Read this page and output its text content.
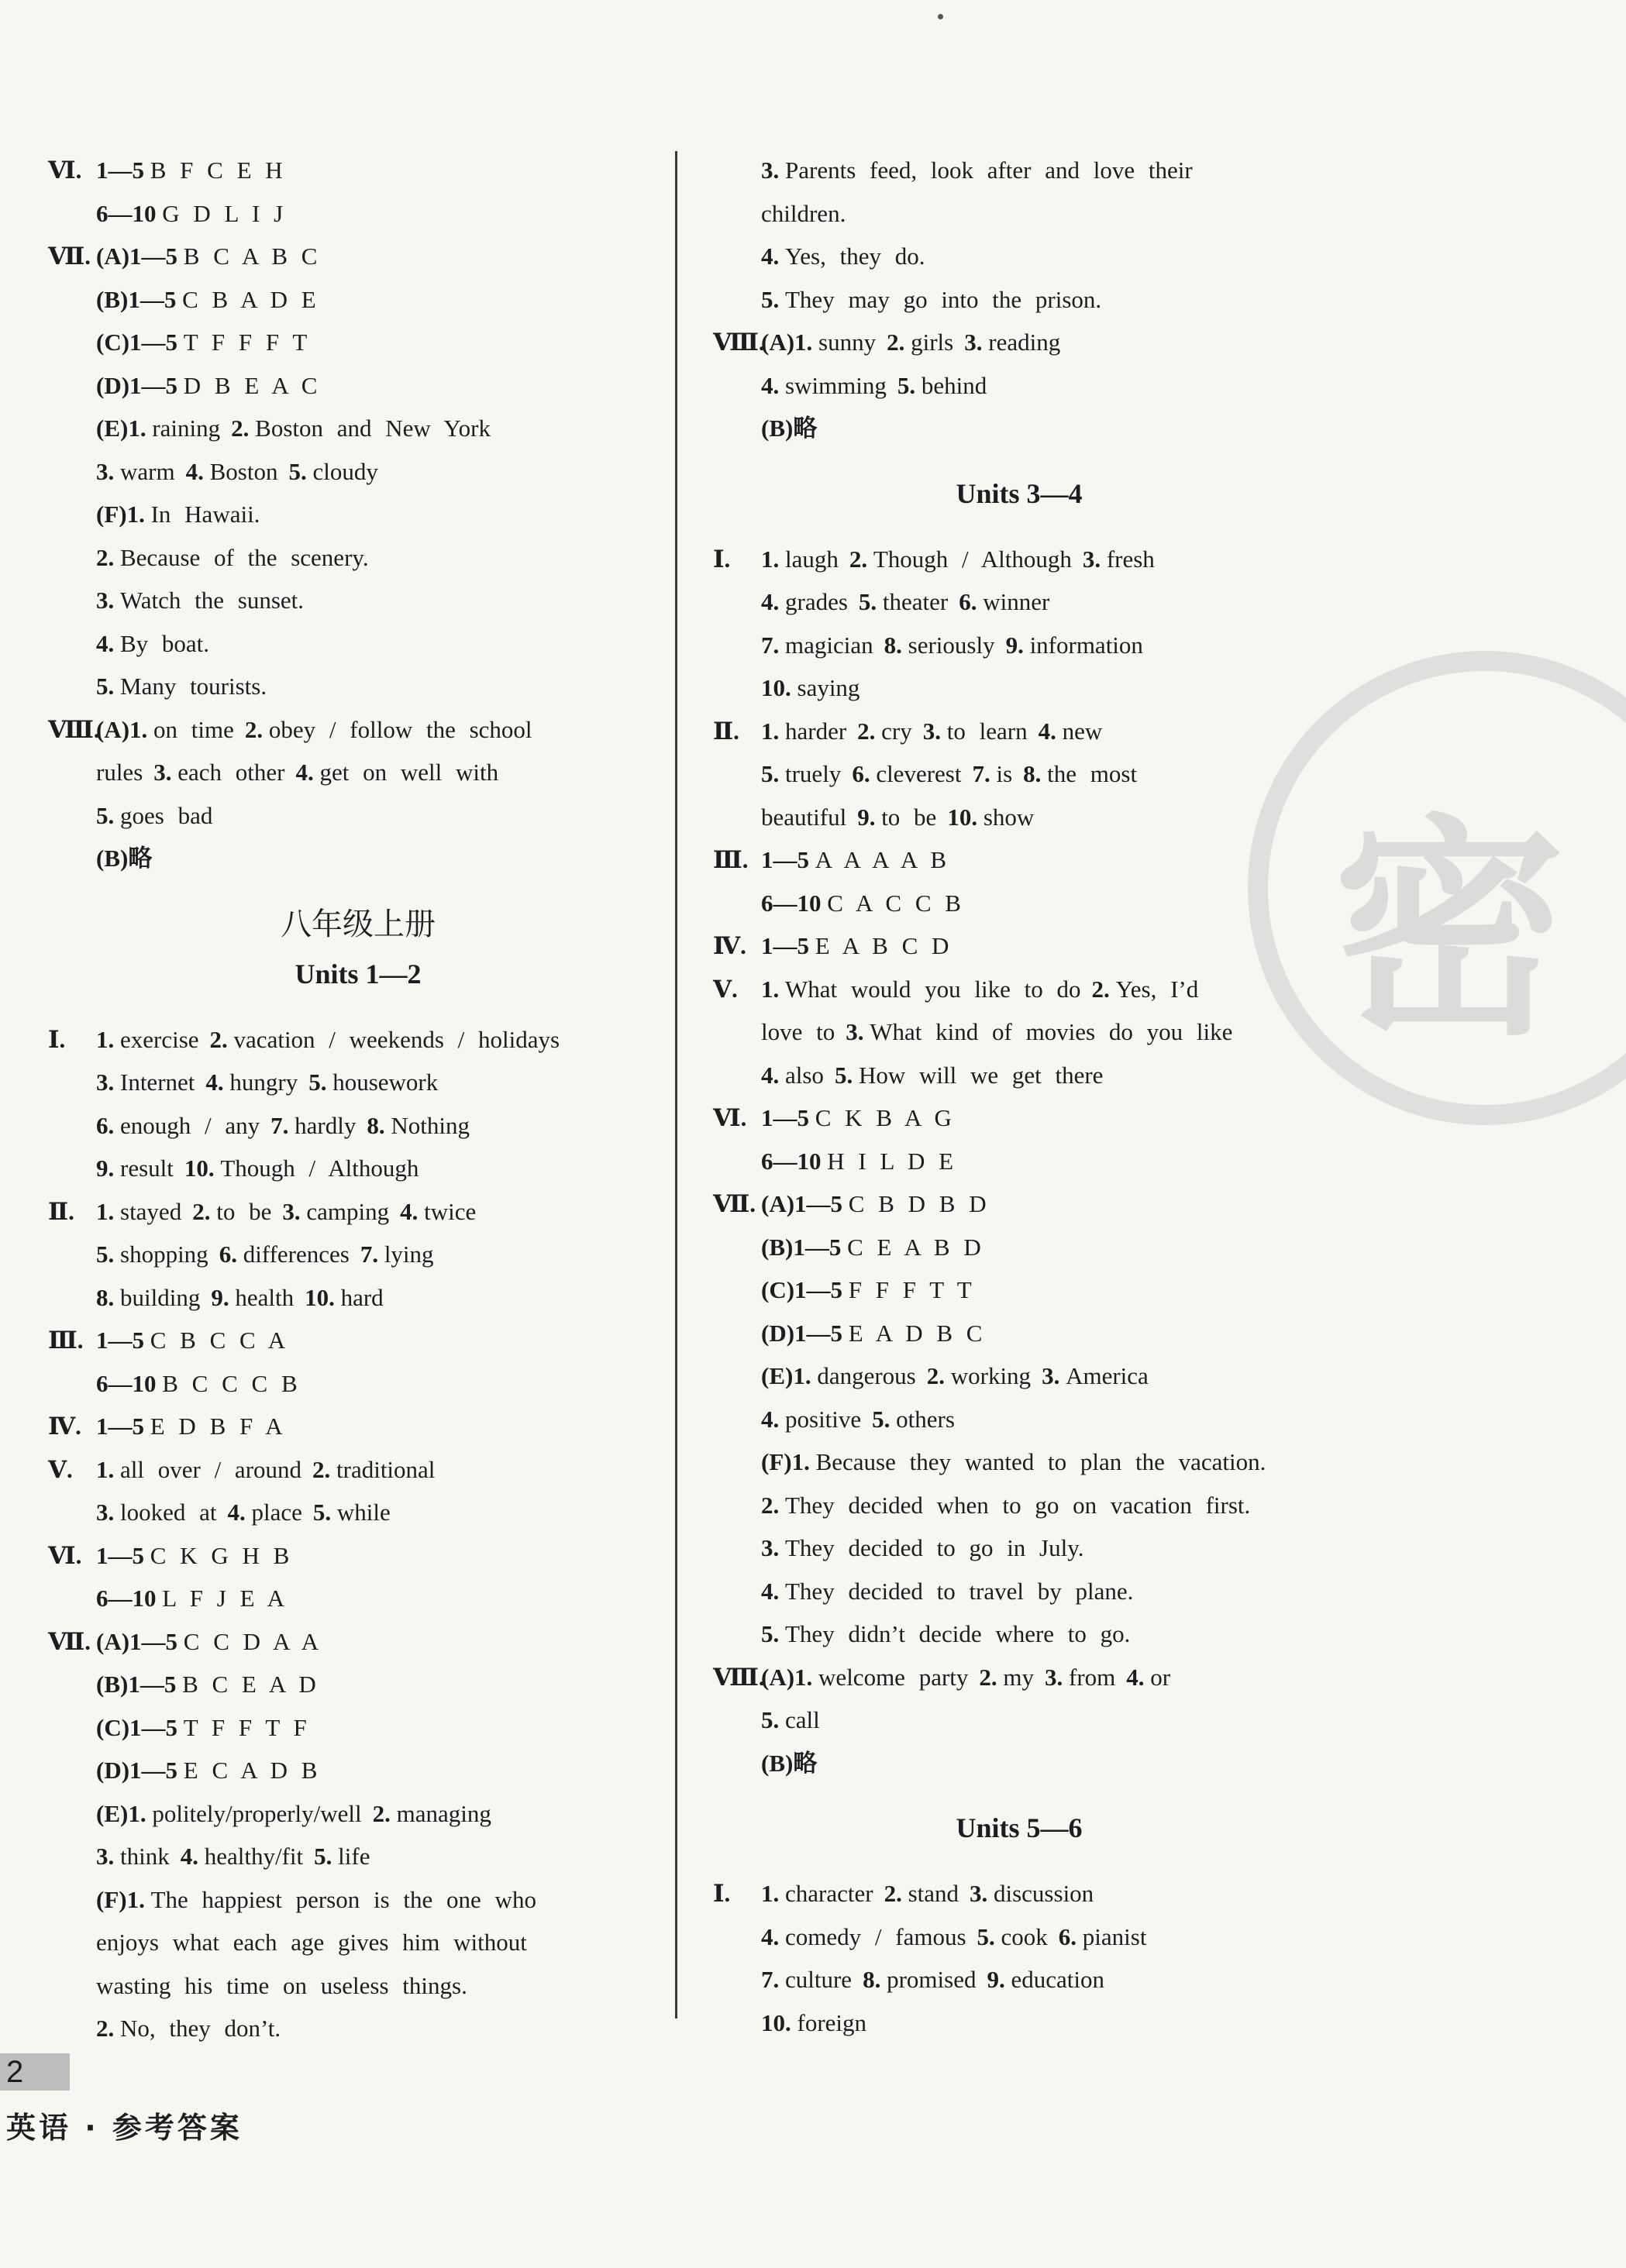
密
Ⅵ. 1—5 B F C E H
6—10 G D L I J
Ⅶ. (A)1—5 B C A B C
(B)1—5 C B A D E
(C)1—5 T F F F T
(D)1—5 D B E A C
(E)1. raining 2. Boston and New York
3. warm 4. Boston 5. cloudy
(F)1. In Hawaii.
2. Because of the scenery.
3. Watch the sunset.
4. By boat.
5. Many tourists.
Ⅷ.(A)1. on time 2. obey / follow the school
rules 3. each other 4. get on well with
5. goes bad
(B)略
八年级上册
Units 1—2
Ⅰ. 1. exercise 2. vacation / weekends / holidays
3. Internet 4. hungry 5. housework
6. enough / any 7. hardly 8. Nothing
9. result 10. Though / Although
Ⅱ. 1. stayed 2. to be 3. camping 4. twice
5. shopping 6. differences 7. lying
8. building 9. health 10. hard
Ⅲ. 1—5 C B C C A
6—10 B C C C B
Ⅳ. 1—5 E D B F A
Ⅴ. 1. all over / around 2. traditional
3. looked at 4. place 5. while
Ⅵ. 1—5 C K G H B
6—10 L F J E A
Ⅶ. (A)1—5 C C D A A
(B)1—5 B C E A D
(C)1—5 T F F T F
(D)1—5 E C A D B
(E)1. politely/properly/well 2. managing
3. think 4. healthy/fit 5. life
(F)1. The happiest person is the one who
enjoys what each age gives him without
wasting his time on useless things.
2. No, they don’t.
3. Parents feed, look after and love their
children.
4. Yes, they do.
5. They may go into the prison.
Ⅷ.(A)1. sunny 2. girls 3. reading
4. swimming 5. behind
(B)略
Units 3—4
Ⅰ. 1. laugh 2. Though / Although 3. fresh
4. grades 5. theater 6. winner
7. magician 8. seriously 9. information
10. saying
Ⅱ. 1. harder 2. cry 3. to learn 4. new
5. truely 6. cleverest 7. is 8. the most
beautiful 9. to be 10. show
Ⅲ. 1—5 A A A A B
6—10 C A C C B
Ⅳ. 1—5 E A B C D
Ⅴ. 1. What would you like to do 2. Yes, I’d
love to 3. What kind of movies do you like
4. also 5. How will we get there
Ⅵ. 1—5 C K B A G
6—10 H I L D E
Ⅶ. (A)1—5 C B D B D
(B)1—5 C E A B D
(C)1—5 F F F T T
(D)1—5 E A D B C
(E)1. dangerous 2. working 3. America
4. positive 5. others
(F)1. Because they wanted to plan the vacation.
2. They decided when to go on vacation first.
3. They decided to go in July.
4. They decided to travel by plane.
5. They didn’t decide where to go.
Ⅷ.(A)1. welcome party 2. my 3. from 4. or
5. call
(B)略
Units 5—6
Ⅰ. 1. character 2. stand 3. discussion
4. comedy / famous 5. cook 6. pianist
7. culture 8. promised 9. education
10. foreign
2
英语 · 参考答案
